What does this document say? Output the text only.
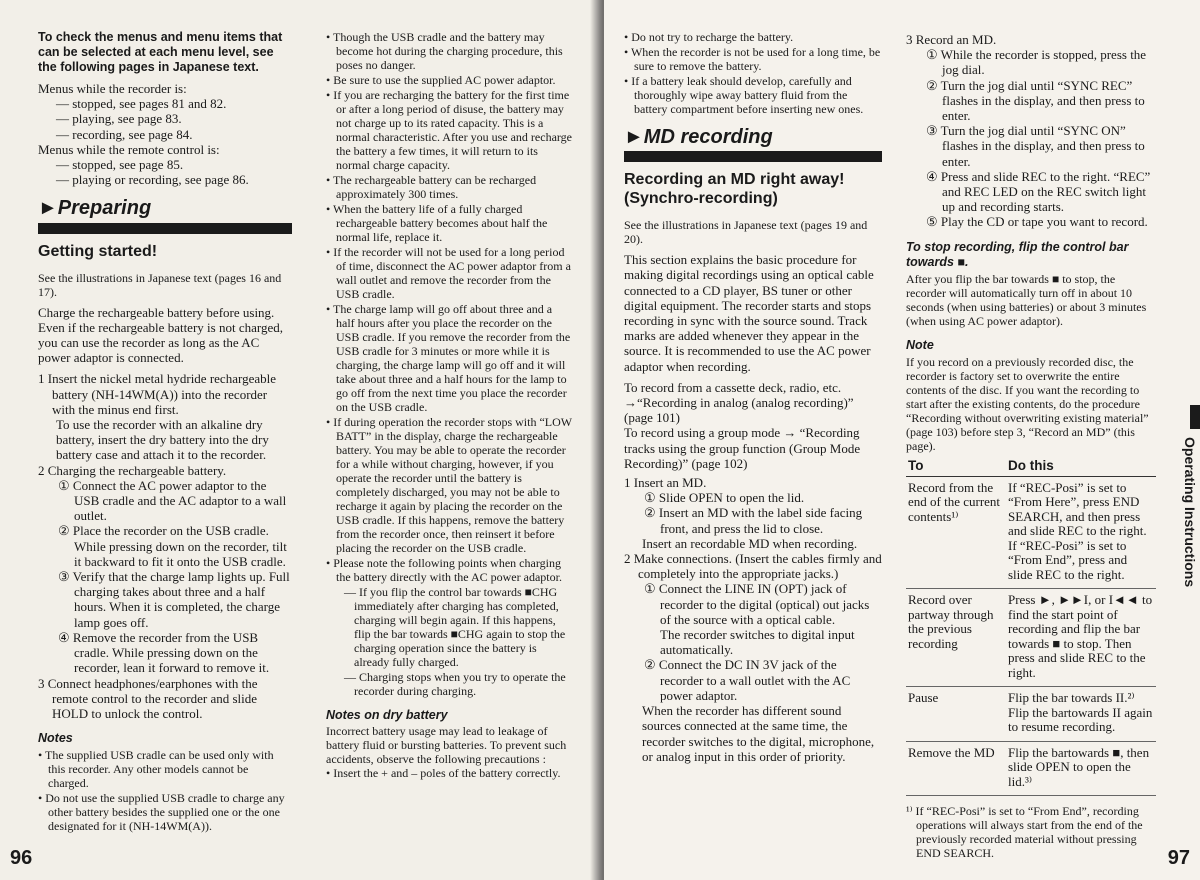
To check the menus and menu items that can be selected at each menu level, see the following pages in Japanese text.

Menus while the recorder is:
— stopped, see pages 81 and 82.
— playing, see page 83.
— recording, see page 84.
Menus while the remote control is:
— stopped, see page 85.
— playing or recording, see page 86.
►Preparing
Getting started!

See the illustrations in Japanese text (pages 16 and 17).

Charge the rechargeable battery before using. Even if the rechargeable battery is not charged, you can use the recorder as long as the AC power adaptor is connected.

1 Insert the nickel metal hydride rechargeable battery (NH-14WM(A)) into the recorder with the minus end first.
To use the recorder with an alkaline dry battery, insert the dry battery into the dry battery case and attach it to the recorder.
2 Charging the rechargeable battery.
① Connect the AC power adaptor to the USB cradle and the AC adaptor to a wall outlet.
② Place the recorder on the USB cradle. While pressing down on the recorder, tilt it backward to fit it onto the USB cradle.
③ Verify that the charge lamp lights up. Full charging takes about three and a half hours. When it is completed, the charge lamp goes off.
④ Remove the recorder from the USB cradle. While pressing down on the recorder, lean it forward to remove it.
3 Connect headphones/earphones with the remote control to the recorder and slide HOLD to unlock the control.
Notes
• The supplied USB cradle can be used only with this recorder. Any other models cannot be charged.
• Do not use the supplied USB cradle to charge any other battery besides the supplied one or the one designated for it (NH-14WM(A)).
• Though the USB cradle and the battery may become hot during the charging procedure, this poses no danger.
• Be sure to use the supplied AC power adaptor.
• If you are recharging the battery for the first time or after a long period of disuse, the battery may not charge up to its rated capacity. This is a normal characteristic. After you use and recharge the battery a few times, it will return to its normal charge capacity.
• The rechargeable battery can be recharged approximately 300 times.
• When the battery life of a fully charged rechargeable battery becomes about half the normal life, replace it.
• If the recorder will not be used for a long period of time, disconnect the AC power adaptor from a wall outlet and remove the recorder from the USB cradle.
• The charge lamp will go off about three and a half hours after you place the recorder on the USB cradle. If you remove the recorder from the USB cradle for 3 minutes or more while it is charging, the charge lamp will go off and it will take about three and a half hours for the lamp to go off from the next time you place the recorder on the USB cradle.
• If during operation the recorder stops with “LOW BATT” in the display, charge the rechargeable battery. You may be able to operate the recorder for a while without charging, however, if you operate the recorder until the battery is completely discharged, you may not be able to recharge it again by placing the recorder on the USB cradle. If this happens, remove the battery from the recorder once, then reinsert it before placing the recorder on the USB cradle.
• Please note the following points when charging the battery directly with the AC power adaptor.
— If you flip the control bar towards ■CHG immediately after charging has completed, charging will begin again. If this happens, flip the bar towards ■CHG again to stop the charging operation since the battery is already fully charged.
— Charging stops when you try to operate the recorder during charging.
Notes on dry battery
Incorrect battery usage may lead to leakage of battery fluid or bursting batteries. To prevent such accidents, observe the following precautions :
• Insert the + and – poles of the battery correctly.
96
• Do not try to recharge the battery.
• When the recorder is not be used for a long time, be sure to remove the battery.
• If a battery leak should develop, carefully and thoroughly wipe away battery fluid from the battery compartment before inserting new ones.
►MD recording
Recording an MD right away! (Synchro-recording)

See the illustrations in Japanese text (pages 19 and 20).

This section explains the basic procedure for making digital recordings using an optical cable connected to a CD player, BS tuner or other digital equipment. The recorder starts and stops recording in sync with the source sound. Track marks are added whenever they appear in the source. It is recommended to use the AC power adaptor when recording.

To record from a cassette deck, radio, etc.
→“Recording in analog (analog recording)” (page 101)
To record using a group mode → “Recording tracks using the group function (Group Mode Recording)” (page 102)
1 Insert an MD.
① Slide OPEN to open the lid.
② Insert an MD with the label side facing front, and press the lid to close.
Insert an recordable MD when recording.
2 Make connections. (Insert the cables firmly and completely into the appropriate jacks.)
① Connect the LINE IN (OPT) jack of recorder to the digital (optical) out jacks of the source with a optical cable.
The recorder switches to digital input automatically.
② Connect the DC IN 3V jack of the recorder to a wall outlet with the AC power adaptor.
When the recorder has different sound sources connected at the same time, the recorder switches to the digital, microphone, or analog input in this order of priority.
3 Record an MD.
① While the recorder is stopped, press the jog dial.
② Turn the jog dial until “SYNC REC” flashes in the display, and then press to enter.
③ Turn the jog dial until “SYNC ON” flashes in the display, and then press to enter.
④ Press and slide REC to the right. “REC” and REC LED on the REC switch light up and recording starts.
⑤ Play the CD or tape you want to record.
To stop recording, flip the control bar towards ■.
After you flip the bar towards ■ to stop, the recorder will automatically turn off in about 10 seconds (when using batteries) or about 3 minutes (when using AC power adaptor).
Note
If you record on a previously recorded disc, the recorder is factory set to overwrite the entire contents of the disc. If you want the recording to start after the existing contents, do the procedure “Recording without overwriting existing material” (page 103) before step 3, “Record an MD” (this page).
To	Do this
Record from the end of the current contents¹⁾	If “REC-Posi” is set to “From Here”, press END SEARCH, and then press and slide REC to the right. If “REC-Posi” is set to “From End”, press and slide REC to the right.
Record over partway through the previous recording	Press ►, ►►I, or I◄◄ to find the start point of recording and flip the bar towards ■ to stop. Then press and slide REC to the right.
Pause	Flip the bar towards II.²⁾ Flip the bartowards II again to resume recording.
Remove the MD	Flip the bartowards ■, then slide OPEN to open the lid.³⁾
¹⁾ If “REC-Posi” is set to “From End”, recording operations will always start from the end of the previously recorded material without pressing END SEARCH.
Operating Instructions
97
